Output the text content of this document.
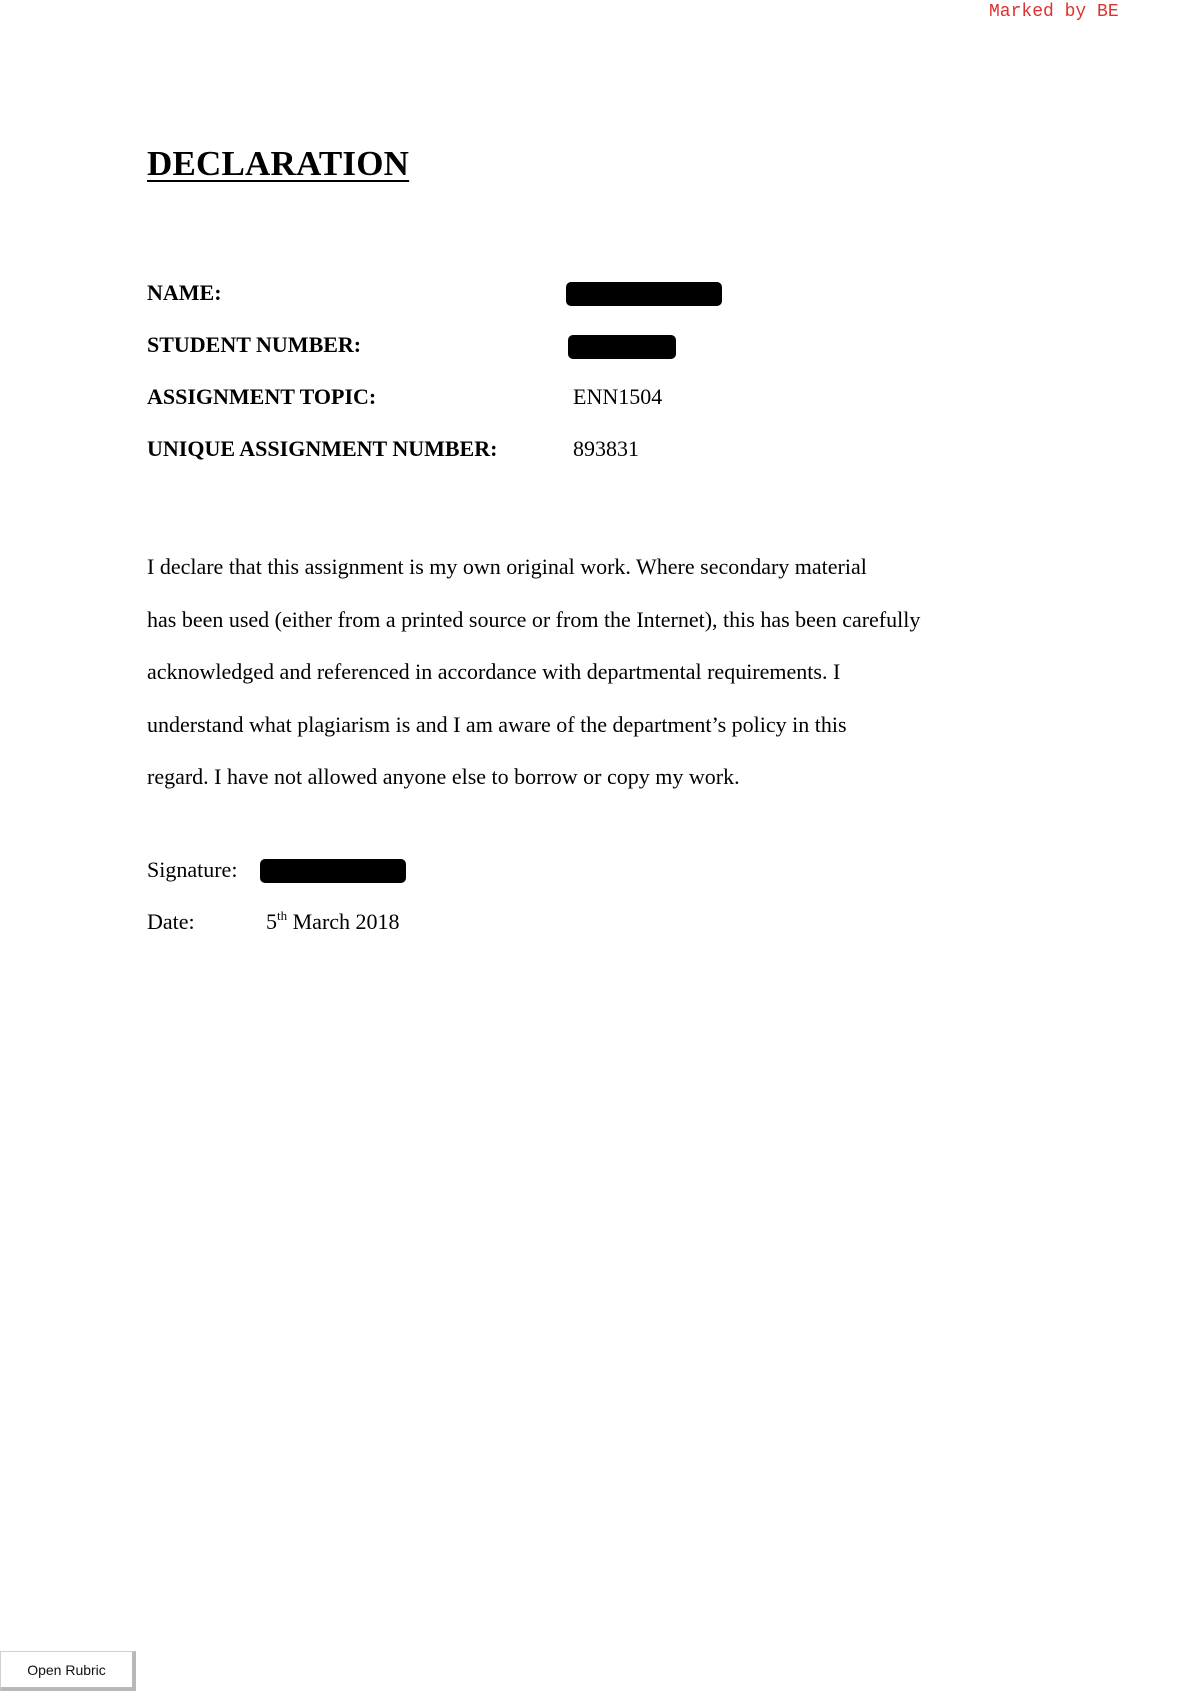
Marked by BE
DECLARATION
NAME:
STUDENT NUMBER:
ASSIGNMENT TOPIC:	ENN1504
UNIQUE ASSIGNMENT NUMBER:	893831

I declare that this assignment is my own original work. Where secondary material
has been used (either from a printed source or from the Internet), this has been carefully
acknowledged and referenced in accordance with departmental requirements. I
understand what plagiarism is and I am aware of the department’s policy in this
regard. I have not allowed anyone else to borrow or copy my work.

Signature:
Date:	5th March 2018
Open Rubric
